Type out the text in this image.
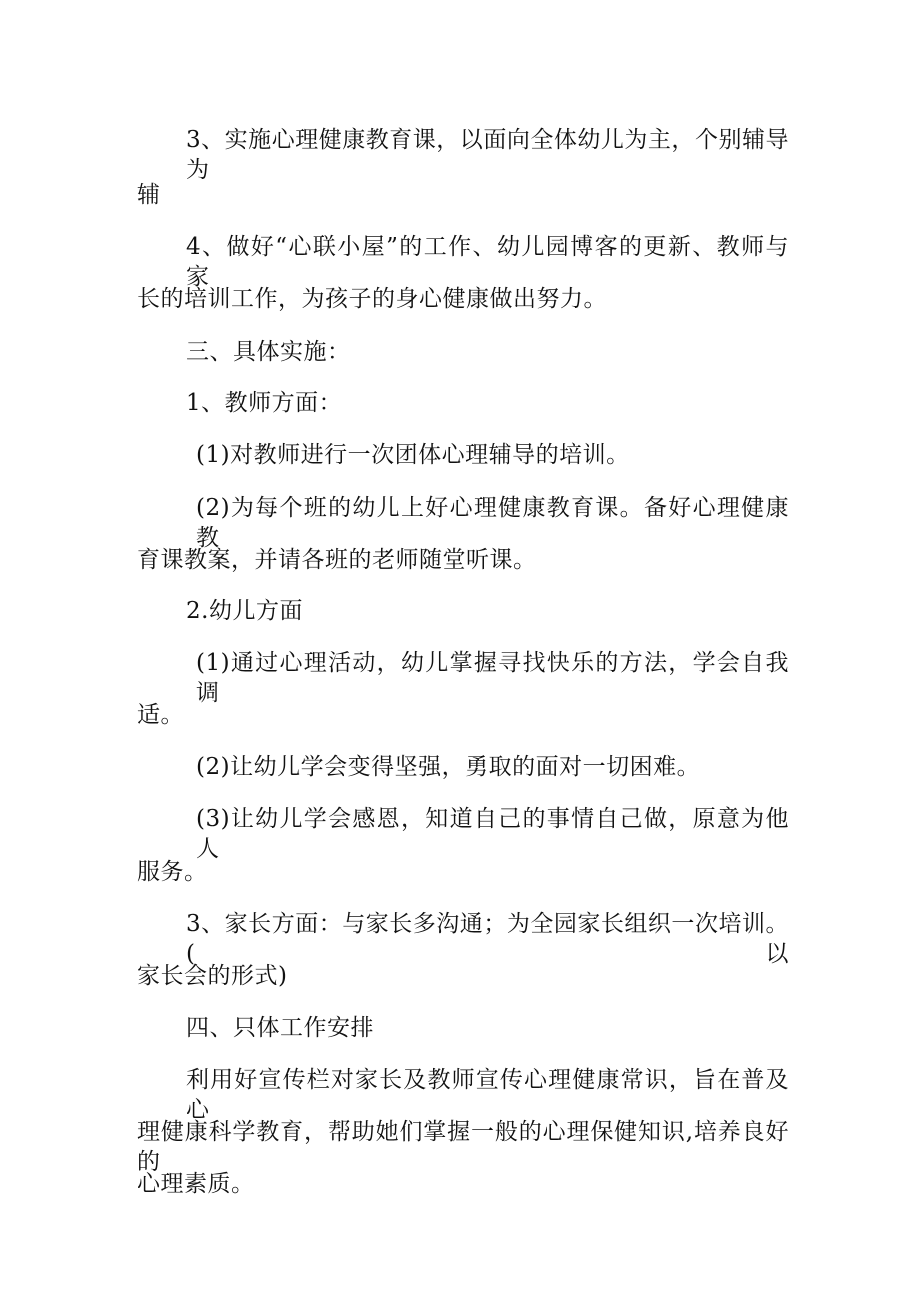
3、实施心理健康教育课，以面向全体幼儿为主，个别辅导为
辅
4、做好“心联小屋”的工作、幼儿园博客的更新、教师与家
长的培训工作，为孩子的身心健康做出努力。
三、具体实施：
1、教师方面：
(1)对教师进行一次团体心理辅导的培训。
(2)为每个班的幼儿上好心理健康教育课。备好心理健康教
育课教案，并请各班的老师随堂听课。
2.幼儿方面
(1)通过心理活动，幼儿掌握寻找快乐的方法，学会自我调
适。
(2)让幼儿学会变得坚强，勇取的面对一切困难。
(3)让幼儿学会感恩，知道自己的事情自己做，原意为他人
服务。
3、家长方面：与家长多沟通；为全园家长组织一次培训。(以
家长会的形式)
四、只体工作安排
利用好宣传栏对家长及教师宣传心理健康常识，旨在普及心
理健康科学教育，帮助她们掌握一般的心理保健知识,培养良好的
心理素质。
